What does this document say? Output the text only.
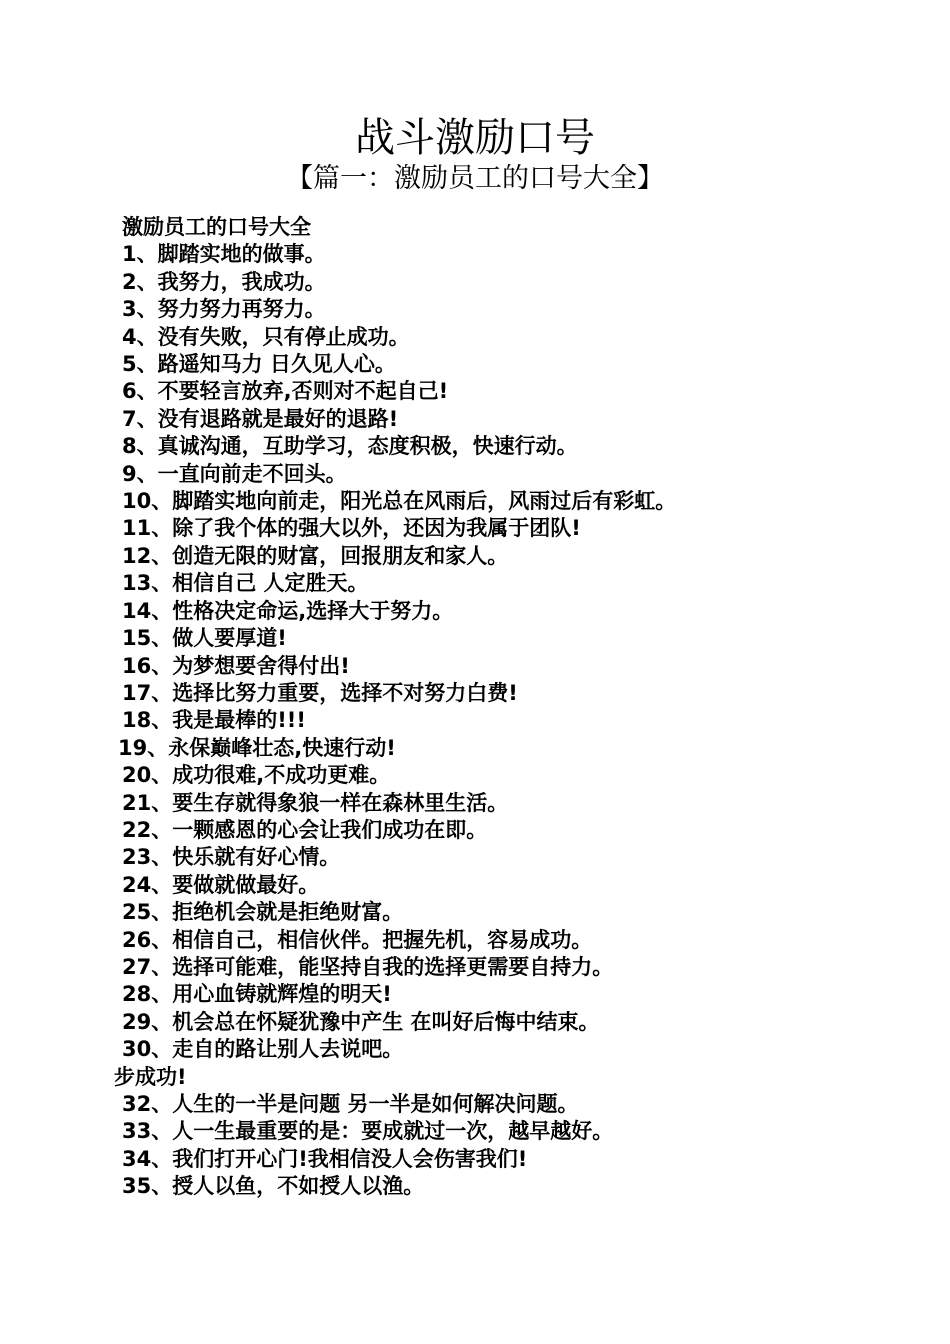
战斗激励口号
【篇一：激励员工的口号大全】
激励员工的口号大全
1、脚踏实地的做事。
2、我努力，我成功。
3、努力努力再努力。
4、没有失败，只有停止成功。
5、路遥知马力 日久见人心。
6、不要轻言放弃,否则对不起自己!
7、没有退路就是最好的退路!
8、真诚沟通，互助学习，态度积极，快速行动。
9、一直向前走不回头。
10、脚踏实地向前走，阳光总在风雨后，风雨过后有彩虹。
11、除了我个体的强大以外，还因为我属于团队!
12、创造无限的财富，回报朋友和家人。
13、相信自己 人定胜天。
14、性格决定命运,选择大于努力。
15、做人要厚道!
16、为梦想要舍得付出!
17、选择比努力重要，选择不对努力白费!
18、我是最棒的!!!
19、永保巅峰壮态,快速行动!
20、成功很难,不成功更难。
21、要生存就得象狼一样在森林里生活。
22、一颗感恩的心会让我们成功在即。
23、快乐就有好心情。
24、要做就做最好。
25、拒绝机会就是拒绝财富。
26、相信自己，相信伙伴。把握先机，容易成功。
27、选择可能难，能坚持自我的选择更需要自持力。
28、用心血铸就辉煌的明天!
29、机会总在怀疑犹豫中产生 在叫好后悔中结束。
30、走自的路让别人去说吧。
步成功!
32、人生的一半是问题 另一半是如何解决问题。
33、人一生最重要的是：要成就过一次，越早越好。
34、我们打开心门!我相信没人会伤害我们!
35、授人以鱼，不如授人以渔。
